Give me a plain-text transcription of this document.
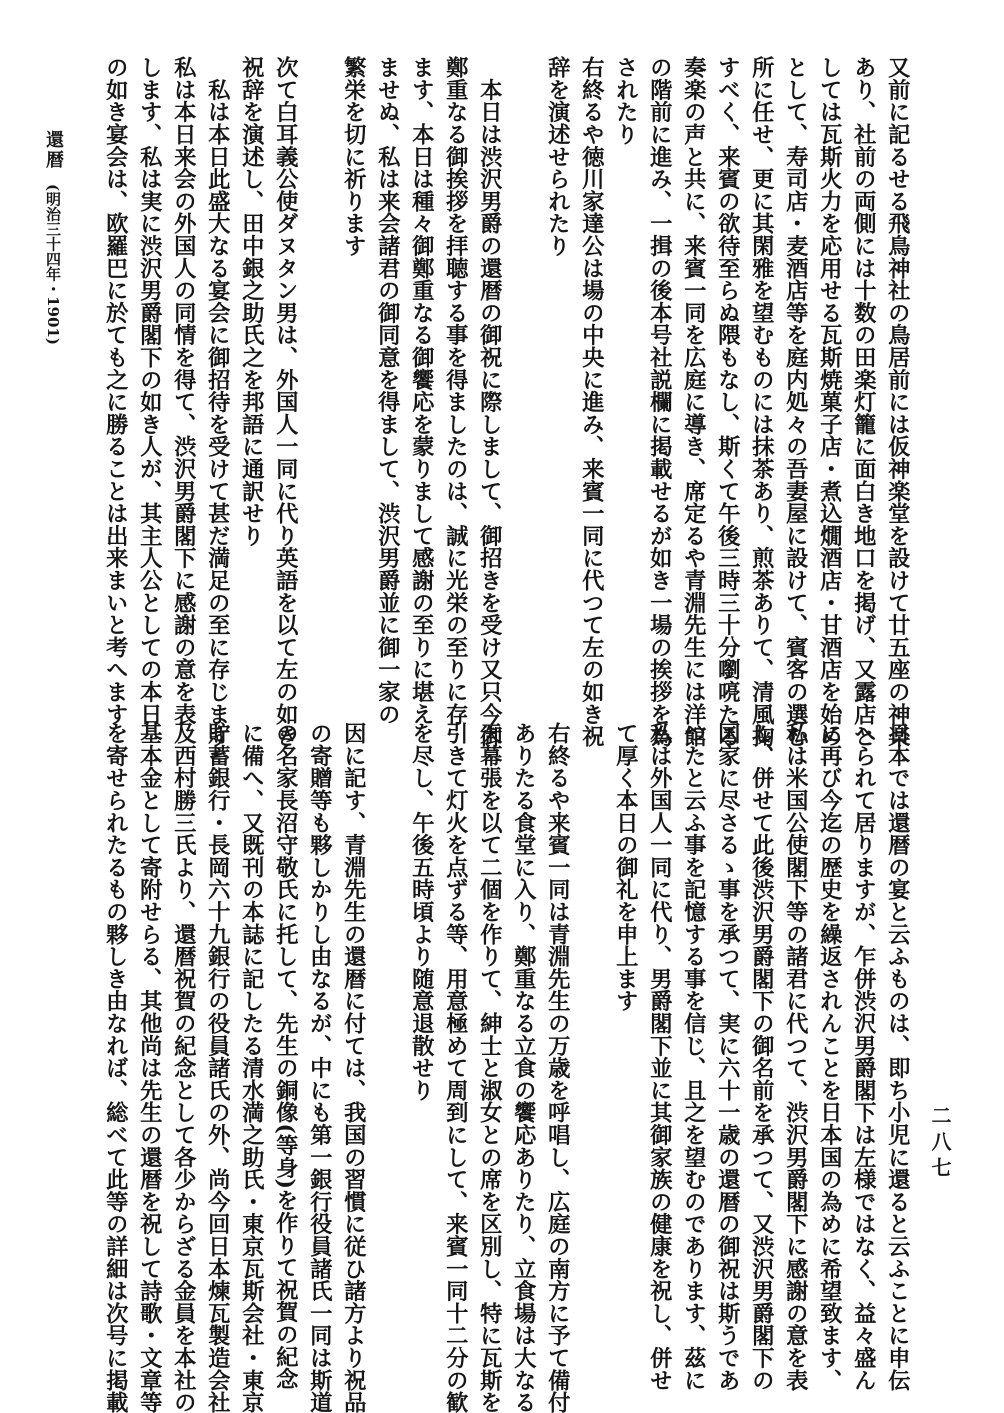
還暦(明治三十四年・1901)
二八七
又前に記るせる飛鳥神社の鳥居前には仮神楽堂を設けて廿五座の神楽
あり、社前の両側には十数の田楽灯籠に面白き地口を掲げ、又露店と
しては瓦斯火力を応用せる瓦斯焼菓子店・煮込燗酒店・甘酒店を始め
として、寿司店・麦酒店等を庭内処々の吾妻屋に設けて、賓客の選む
所に任せ、更に其閑雅を望むものには抹茶あり、煎茶ありて、清風掬
すべく、来賓の欲待至らぬ隈もなし、斯くて午後三時三十分嚠喨たる
奏楽の声と共に、来賓一同を広庭に導き、席定るや青淵先生には洋館
の階前に進み、一揖の後本号社説欄に掲載せるが如き一場の挨拶を為
されたり
右終るや徳川家達公は場の中央に進み、来賓一同に代つて左の如き祝
辞を演述せられたり
　本日は渋沢男爵の還暦の御祝に際しまして、御招きを受け又只今御
鄭重なる御挨拶を拝聴する事を得ましたのは、誠に光栄の至りに存
ます、本日は種々御鄭重なる御饗応を蒙りまして感謝の至りに堪え
ませぬ、私は来会諸君の御同意を得まして、渋沢男爵並に御一家の
繁栄を切に祈ります
次て白耳義公使ダヌタン男は、外国人一同に代り英語を以て左の如き
祝辞を演述し、田中銀之助氏之を邦語に通訳せり
　私は本日此盛大なる宴会に御招待を受けて甚だ満足の至に存じます
私は本日来会の外国人の同情を得て、渋沢男爵閣下に感謝の意を表
します、私は実に渋沢男爵閣下の如き人が、其主人公としての本日
の如き宴会は、欧羅巴に於ても之に勝ることは出来まいと考へます
日本では還暦の宴と云ふものは、即ち小児に還ると云ふことに申伝
へられて居りますが、乍併渋沢男爵閣下は左様ではなく、益々盛ん
に再び今迄の歴史を繰返されんことを日本国の為めに希望致ます、
私は米国公使閣下等の諸君に代つて、渋沢男爵閣下に感謝の意を表
し、併せて此後渋沢男爵閣下の御名前を承つて、又渋沢男爵閣下の
国家に尽さるゝ事を承つて、実に六十一歳の還暦の御祝は斯うであ
つたと云ふ事を記憶する事を信じ、且之を望むのであります、茲に
私は外国人一同に代り、男爵閣下並に其御家族の健康を祝し、併せ
て厚く本日の御礼を申上ます
右終るや来賓一同は青淵先生の万歳を呼唱し、広庭の南方に予て備付
ありたる食堂に入り、鄭重なる立食の饗応ありたり、立食場は大なる
天幕張を以て二個を作りて、紳士と淑女との席を区別し、特に瓦斯を
引きて灯火を点ずる等、用意極めて周到にして、来賓一同十二分の歓
を尽し、午後五時頃より随意退散せり
因に記す、青淵先生の還暦に付ては、我国の習慣に従ひ諸方より祝品
の寄贈等も夥しかりし由なるが、中にも第一銀行役員諸氏一同は斯道
の名家長沼守敬氏に托して、先生の銅像(等身)を作りて祝賀の紀念
に備へ、又既刊の本誌に記したる清水満之助氏・東京瓦斯会社・東京
貯蓄銀行・長岡六十九銀行の役員諸氏の外、尚今回日本煉瓦製造会社
及西村勝三氏より、還暦祝賀の紀念として各少からざる金員を本社の
基本金として寄附せらる、其他尚は先生の還暦を祝して詩歌・文章等
を寄せられたるもの夥しき由なれば、総べて此等の詳細は次号に掲載
